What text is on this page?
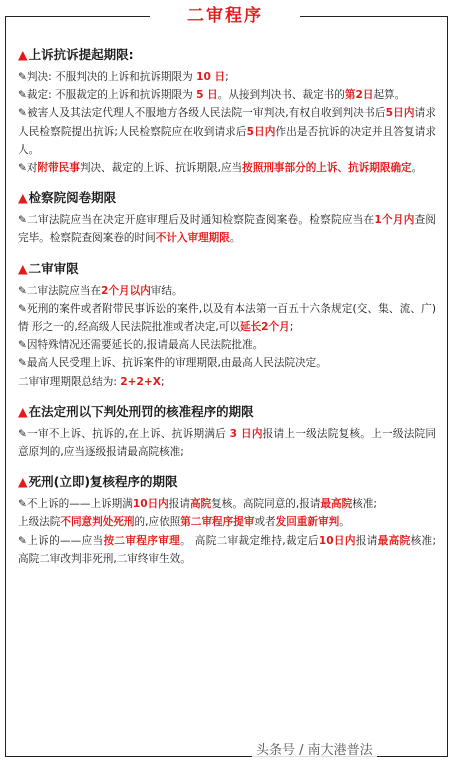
二审程序
▲上诉抗诉提起期限:

✎判决: 不服判决的上诉和抗诉期限为 10 日;

✎裁定: 不服裁定的上诉和抗诉期限为 5 日。从接到判决书、裁定书的第2日起算。

✎被害人及其法定代理人不服地方各级人民法院一审判决,有权自收到判决书后5日内请求人民检察院提出抗诉;人民检察院应在收到请求后5日内作出是否抗诉的决定并且答复请求人。

✎对附带民事判决、裁定的上诉、抗诉期限,应当按照刑事部分的上诉、抗诉期限确定。

▲检察院阅卷期限

✎二审法院应当在决定开庭审理后及时通知检察院查阅案卷。检察院应当在1个月内查阅完毕。检察院查阅案卷的时间不计入审理期限。

▲二审审限

✎二审法院应当在2个月以内审结。

✎死刑的案件或者附带民事诉讼的案件,以及有本法第一百五十六条规定(交、集、流、广)情 形之一的,经高级人民法院批准或者决定,可以延长2个月;

✎因特殊情况还需要延长的,报请最高人民法院批准。

✎最高人民受理上诉、抗诉案件的审理期限,由最高人民法院决定。

二审审理期限总结为: 2+2+X;

▲在法定刑以下判处刑罚的核准程序的期限

✎一审不上诉、抗诉的,在上诉、抗诉期满后 3 日内报请上一级法院复核。上一级法院同意原判的,应当逐级报请最高院核准;

▲死刑(立即)复核程序的期限

✎不上诉的——上诉期满10日内报请高院复核。高院同意的,报请最高院核准;

上级法院不同意判处死刑的,应依照第二审程序提审或者发回重新审判。

✎上诉的——应当按二审程序审理。 高院二审裁定维持,裁定后10日内报请最高院核准; 高院二审改判非死刑,二审终审生效。

头条号 / 南大港普法
